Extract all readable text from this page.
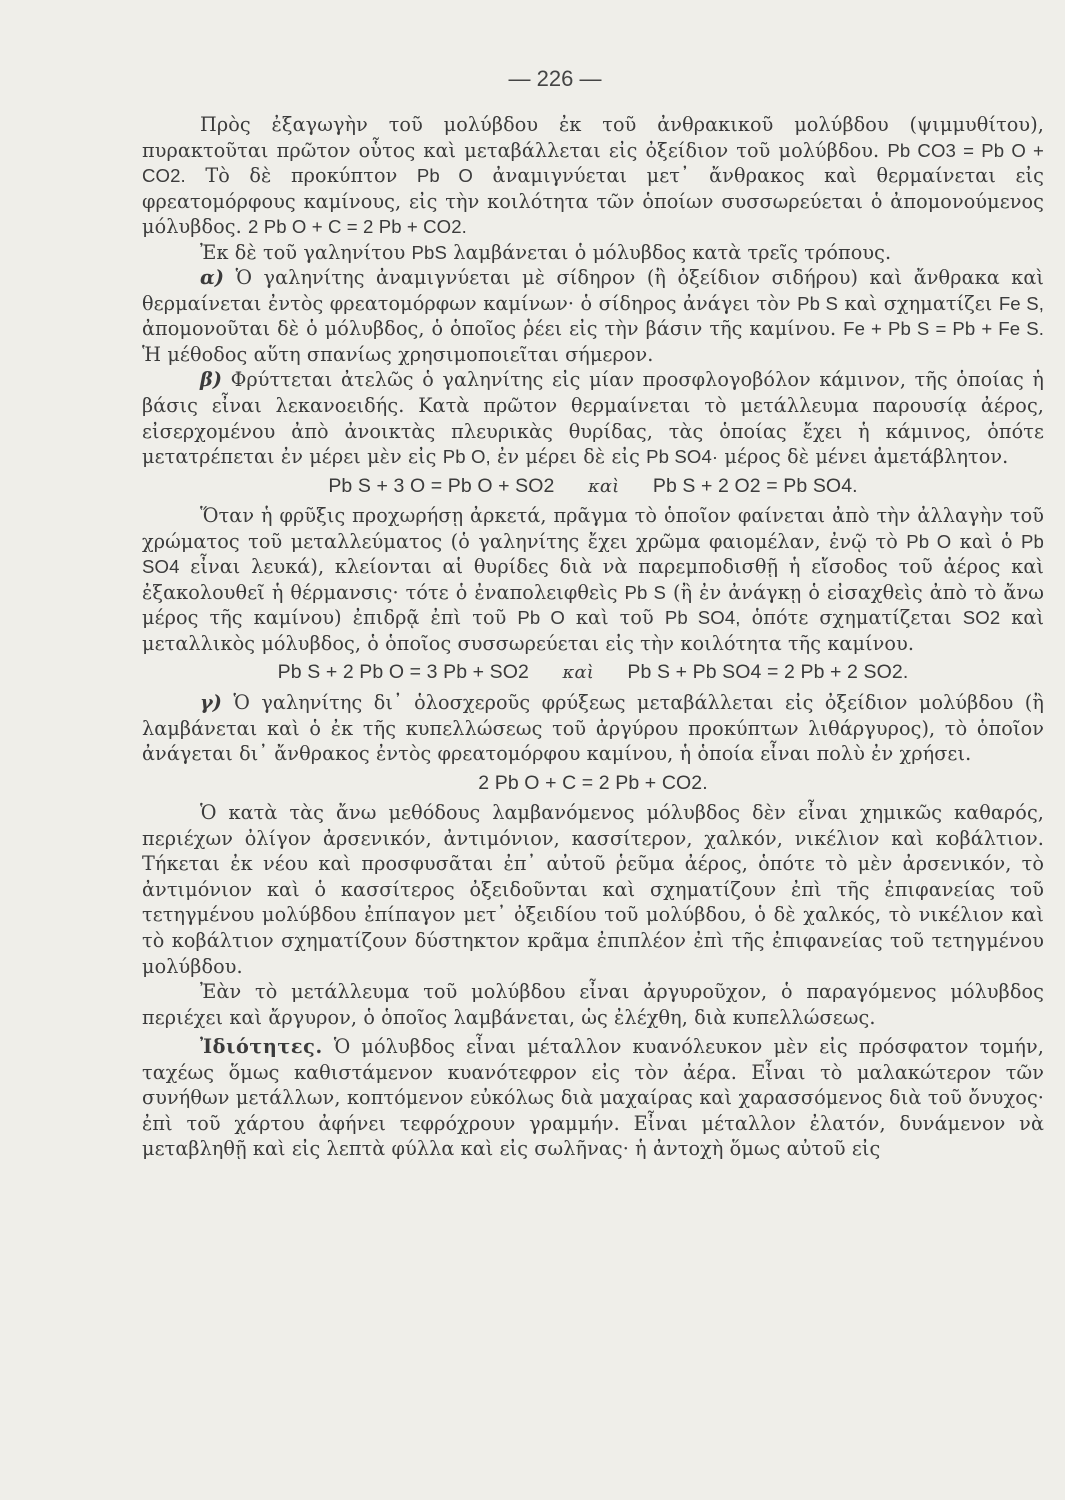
— 226 —

Πρὸς ἐξαγωγὴν τοῦ μολύβδου ἐκ τοῦ ἀνθρακικοῦ μολύβδου (ψιμμυθίτου), πυρακτοῦται πρῶτον οὗτος καὶ μεταβάλλεται εἰς ὀξείδιον τοῦ μολύβδου. Pb CO3 = Pb O + CO2. Τὸ δὲ προκύπτον Pb O ἀναμιγνύεται μετ᾽ ἄνθρακος καὶ θερμαίνεται εἰς φρεατομόρφους καμίνους, εἰς τὴν κοιλότητα τῶν ὁποίων συσσωρεύεται ὁ ἀπομονούμενος μόλυβδος. 2 Pb O + C = 2 Pb + CO2.

Ἐκ δὲ τοῦ γαληνίτου PbS λαμβάνεται ὁ μόλυβδος κατὰ τρεῖς τρόπους.

α) Ὁ γαληνίτης ἀναμιγνύεται μὲ σίδηρον (ἢ ὀξείδιον σιδήρου) καὶ ἄνθρακα καὶ θερμαίνεται ἐντὸς φρεατομόρφων καμίνων· ὁ σίδηρος ἀνάγει τὸν Pb S καὶ σχηματίζει Fe S, ἀπομονοῦται δὲ ὁ μόλυβδος, ὁ ὁποῖος ῥέει εἰς τὴν βάσιν τῆς καμίνου. Fe + Pb S = Pb + Fe S. Ἡ μέθοδος αὕτη σπανίως χρησιμοποιεῖται σήμερον.

β) Φρύττεται ἀτελῶς ὁ γαληνίτης εἰς μίαν προσφλογοβόλον κάμινον, τῆς ὁποίας ἡ βάσις εἶναι λεκανοειδής. Κατὰ πρῶτον θερμαίνεται τὸ μετάλλευμα παρουσίᾳ ἀέρος, εἰσερχομένου ἀπὸ ἀνοικτὰς πλευρικὰς θυρίδας, τὰς ὁποίας ἔχει ἡ κάμινος, ὁπότε μετατρέπεται ἐν μέρει μὲν εἰς Pb O, ἐν μέρει δὲ εἰς Pb SO4· μέρος δὲ μένει ἀμετάβλητον.

Pb S + 3 O = Pb O + SO2 καὶ Pb S + 2 O2 = Pb SO4.

Ὅταν ἡ φρῦξις προχωρήσῃ ἀρκετά, πρᾶγμα τὸ ὁποῖον φαίνεται ἀπὸ τὴν ἀλλαγὴν τοῦ χρώματος τοῦ μεταλλεύματος (ὁ γαληνίτης ἔχει χρῶμα φαιομέλαν, ἐνῷ τὸ Pb O καὶ ὁ Pb SO4 εἶναι λευκά), κλείονται αἱ θυρίδες διὰ νὰ παρεμποδισθῇ ἡ εἴσοδος τοῦ ἀέρος καὶ ἐξακολουθεῖ ἡ θέρμανσις· τότε ὁ ἐναπολειφθεὶς Pb S (ἢ ἐν ἀνάγκῃ ὁ εἰσαχθεὶς ἀπὸ τὸ ἄνω μέρος τῆς καμίνου) ἐπιδρᾷ ἐπὶ τοῦ Pb O καὶ τοῦ Pb SO4, ὁπότε σχηματίζεται SO2 καὶ μεταλλικὸς μόλυβδος, ὁ ὁποῖος συσσωρεύεται εἰς τὴν κοιλότητα τῆς καμίνου.

Pb S + 2 Pb O = 3 Pb + SO2 καὶ Pb S + Pb SO4 = 2 Pb + 2 SO2.

γ) Ὁ γαληνίτης δι᾽ ὁλοσχεροῦς φρύξεως μεταβάλλεται εἰς ὀξείδιον μολύβδου (ἢ λαμβάνεται καὶ ὁ ἐκ τῆς κυπελλώσεως τοῦ ἀργύρου προκύπτων λιθάργυρος), τὸ ὁποῖον ἀνάγεται δι᾽ ἄνθρακος ἐντὸς φρεατομόρφου καμίνου, ἡ ὁποία εἶναι πολὺ ἐν χρήσει.

2 Pb O + C = 2 Pb + CO2.

Ὁ κατὰ τὰς ἄνω μεθόδους λαμβανόμενος μόλυβδος δὲν εἶναι χημικῶς καθαρός, περιέχων ὀλίγον ἀρσενικόν, ἀντιμόνιον, κασσίτερον, χαλκόν, νικέλιον καὶ κοβάλτιον. Τήκεται ἐκ νέου καὶ προσφυσᾶται ἐπ᾽ αὐτοῦ ῥεῦμα ἀέρος, ὁπότε τὸ μὲν ἀρσενικόν, τὸ ἀντιμόνιον καὶ ὁ κασσίτερος ὀξειδοῦνται καὶ σχηματίζουν ἐπὶ τῆς ἐπιφανείας τοῦ τετηγμένου μολύβδου ἐπίπαγον μετ᾽ ὀξειδίου τοῦ μολύβδου, ὁ δὲ χαλκός, τὸ νικέλιον καὶ τὸ κοβάλτιον σχηματίζουν δύστηκτον κρᾶμα ἐπιπλέον ἐπὶ τῆς ἐπιφανείας τοῦ τετηγμένου μολύβδου.

Ἐὰν τὸ μετάλλευμα τοῦ μολύβδου εἶναι ἀργυροῦχον, ὁ παραγόμενος μόλυβδος περιέχει καὶ ἄργυρον, ὁ ὁποῖος λαμβάνεται, ὡς ἐλέχθη, διὰ κυπελλώσεως.

Ἰδιότητες. Ὁ μόλυβδος εἶναι μέταλλον κυανόλευκον μὲν εἰς πρόσφατον τομήν, ταχέως ὅμως καθιστάμενον κυανότεφρον εἰς τὸν ἀέρα. Εἶναι τὸ μαλακώτερον τῶν συνήθων μετάλλων, κοπτόμενον εὐκόλως διὰ μαχαίρας καὶ χαρασσόμενος διὰ τοῦ ὄνυχος· ἐπὶ τοῦ χάρτου ἀφήνει τεφρόχρουν γραμμήν. Εἶναι μέταλλον ἐλατόν, δυνάμενον νὰ μεταβληθῇ καὶ εἰς λεπτὰ φύλλα καὶ εἰς σωλῆνας· ἡ ἀντοχὴ ὅμως αὐτοῦ εἰς
